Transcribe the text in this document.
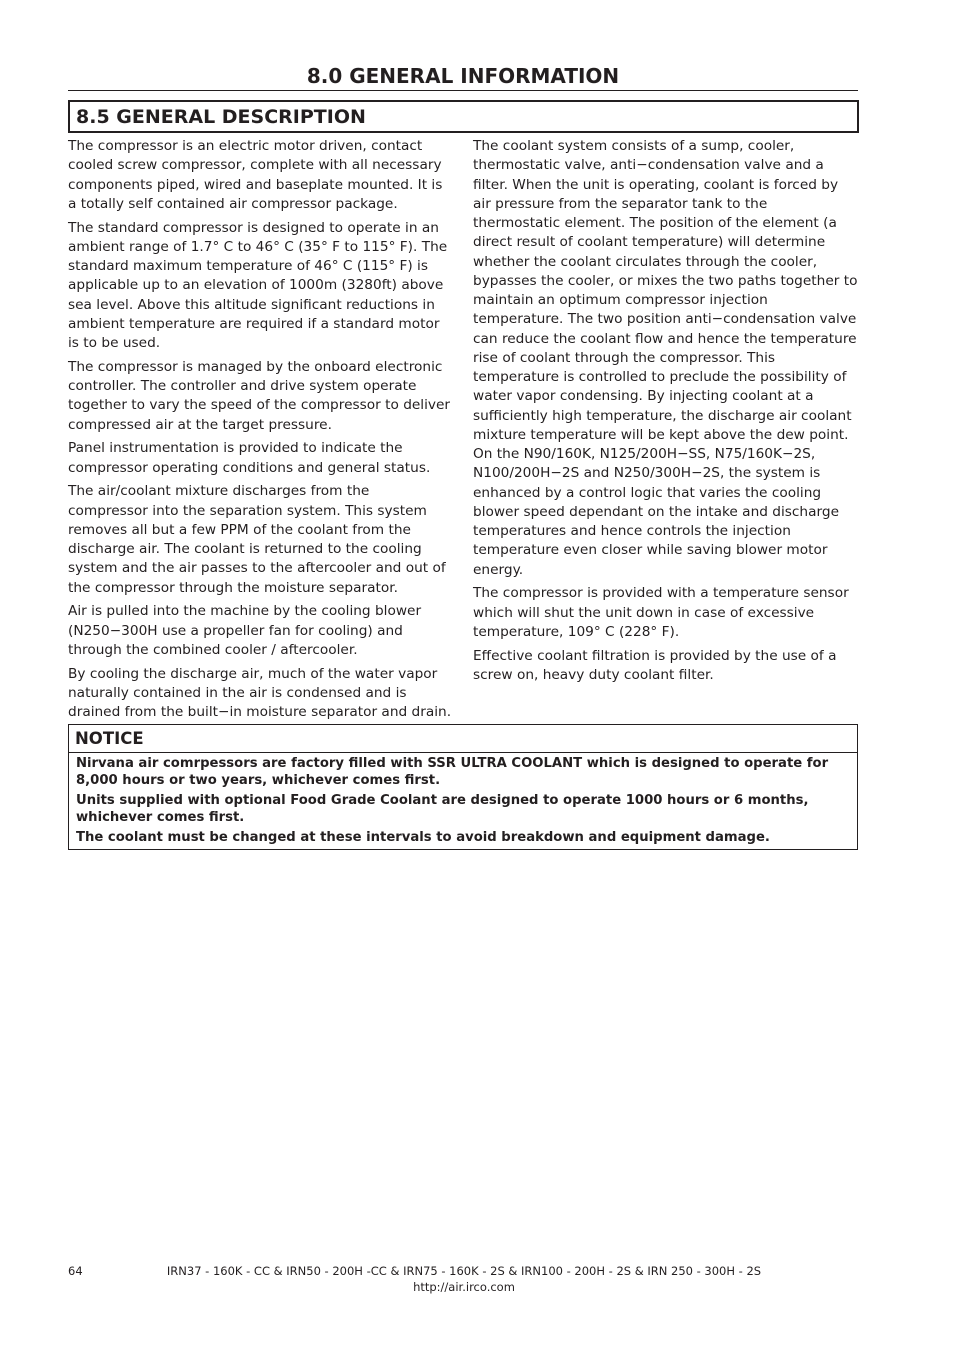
8.0 GENERAL INFORMATION
8.5 GENERAL DESCRIPTION

The compressor is an electric motor driven, contact cooled screw compressor, complete with all necessary components piped, wired and baseplate mounted. It is a totally self contained air compressor package.

The standard compressor is designed to operate in an ambient range of 1.7° C to 46° C (35° F to 115° F). The standard maximum temperature of 46° C (115° F) is applicable up to an elevation of 1000m (3280ft) above sea level. Above this altitude significant reductions in ambient temperature are required if a standard motor is to be used.

The compressor is managed by the onboard electronic controller. The controller and drive system operate together to vary the speed of the compressor to deliver compressed air at the target pressure.

Panel instrumentation is provided to indicate the compressor operating conditions and general status.

The air/coolant mixture discharges from the compressor into the separation system. This system removes all but a few PPM of the coolant from the discharge air. The coolant is returned to the cooling system and the air passes to the aftercooler and out of the compressor through the moisture separator.

Air is pulled into the machine by the cooling blower (N250−300H use a propeller fan for cooling) and through the combined cooler / aftercooler.

By cooling the discharge air, much of the water vapor naturally contained in the air is condensed and is drained from the built−in moisture separator and drain.

The coolant system consists of a sump, cooler, thermostatic valve, anti−condensation valve and a filter. When the unit is operating, coolant is forced by air pressure from the separator tank to the thermostatic element. The position of the element (a direct result of coolant temperature) will determine whether the coolant circulates through the cooler, bypasses the cooler, or mixes the two paths together to maintain an optimum compressor injection temperature. The two position anti−condensation valve can reduce the coolant flow and hence the temperature rise of coolant through the compressor. This temperature is controlled to preclude the possibility of water vapor condensing. By injecting coolant at a sufficiently high temperature, the discharge air coolant mixture temperature will be kept above the dew point. On the N90/160K, N125/200H−SS, N75/160K−2S, N100/200H−2S and N250/300H−2S, the system is enhanced by a control logic that varies the cooling blower speed dependant on the intake and discharge temperatures and hence controls the injection temperature even closer while saving blower motor energy.

The compressor is provided with a temperature sensor which will shut the unit down in case of excessive temperature, 109° C (228° F).

Effective coolant filtration is provided by the use of a screw on, heavy duty coolant filter.

NOTICE

Nirvana air comrpessors are factory filled with SSR ULTRA COOLANT which is designed to operate for 8,000 hours or two years, whichever comes first.

Units supplied with optional Food Grade Coolant are designed to operate 1000 hours or 6 months, whichever comes first.

The coolant must be changed at these intervals to avoid breakdown and equipment damage.

64	IRN37 - 160K - CC & IRN50 - 200H -CC & IRN75 - 160K - 2S & IRN100 - 200H - 2S & IRN 250 - 300H - 2S
http://air.irco.com
